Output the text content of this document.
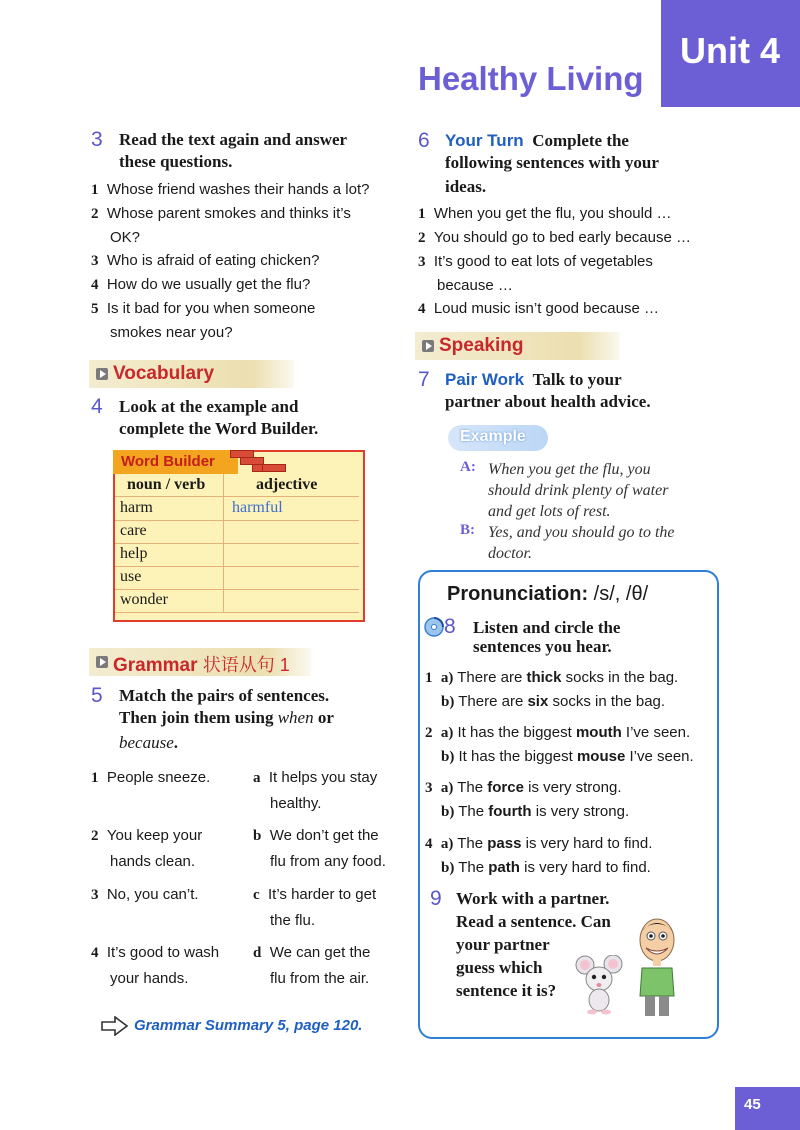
Unit 4
Healthy Living
3 Read the text again and answer
these questions.
1 Whose friend washes their hands a lot?
2 Whose parent smokes and thinks it’s
OK?
3 Who is afraid of eating chicken?
4 How do we usually get the flu?
5 Is it bad for you when someone
smokes near you?
Vocabulary
4 Look at the example and
complete the Word Builder.
Word Builder
noun / verb	adjective
harm	harmful
care
help
use
wonder
Grammar 状语从句 1
5 Match the pairs of sentences.
Then join them using when or
because.
1 People sneeze.
2 You keep your
hands clean.
3 No, you can’t.
4 It’s good to wash
your hands.
a It helps you stay
healthy.
b We don’t get the
flu from any food.
c It’s harder to get
the flu.
d We can get the
flu from the air.
Grammar Summary 5, page 120.
6 Your Turn Complete the
following sentences with your
ideas.
1 When you get the flu, you should …
2 You should go to bed early because …
3 It’s good to eat lots of vegetables
because …
4 Loud music isn’t good because …
Speaking
7 Pair Work Talk to your
partner about health advice.
Example
A: When you get the flu, you
should drink plenty of water
and get lots of rest.
B: Yes, and you should go to the
doctor.
Pronunciation: /s/, /θ/
8 Listen and circle the
sentences you hear.
1 a) There are thick socks in the bag.
b) There are six socks in the bag.
2 a) It has the biggest mouth I’ve seen.
b) It has the biggest mouse I’ve seen.
3 a) The force is very strong.
b) The fourth is very strong.
4 a) The pass is very hard to find.
b) The path is very hard to find.
9 Work with a partner.
Read a sentence. Can
your partner
guess which
sentence it is?
45
